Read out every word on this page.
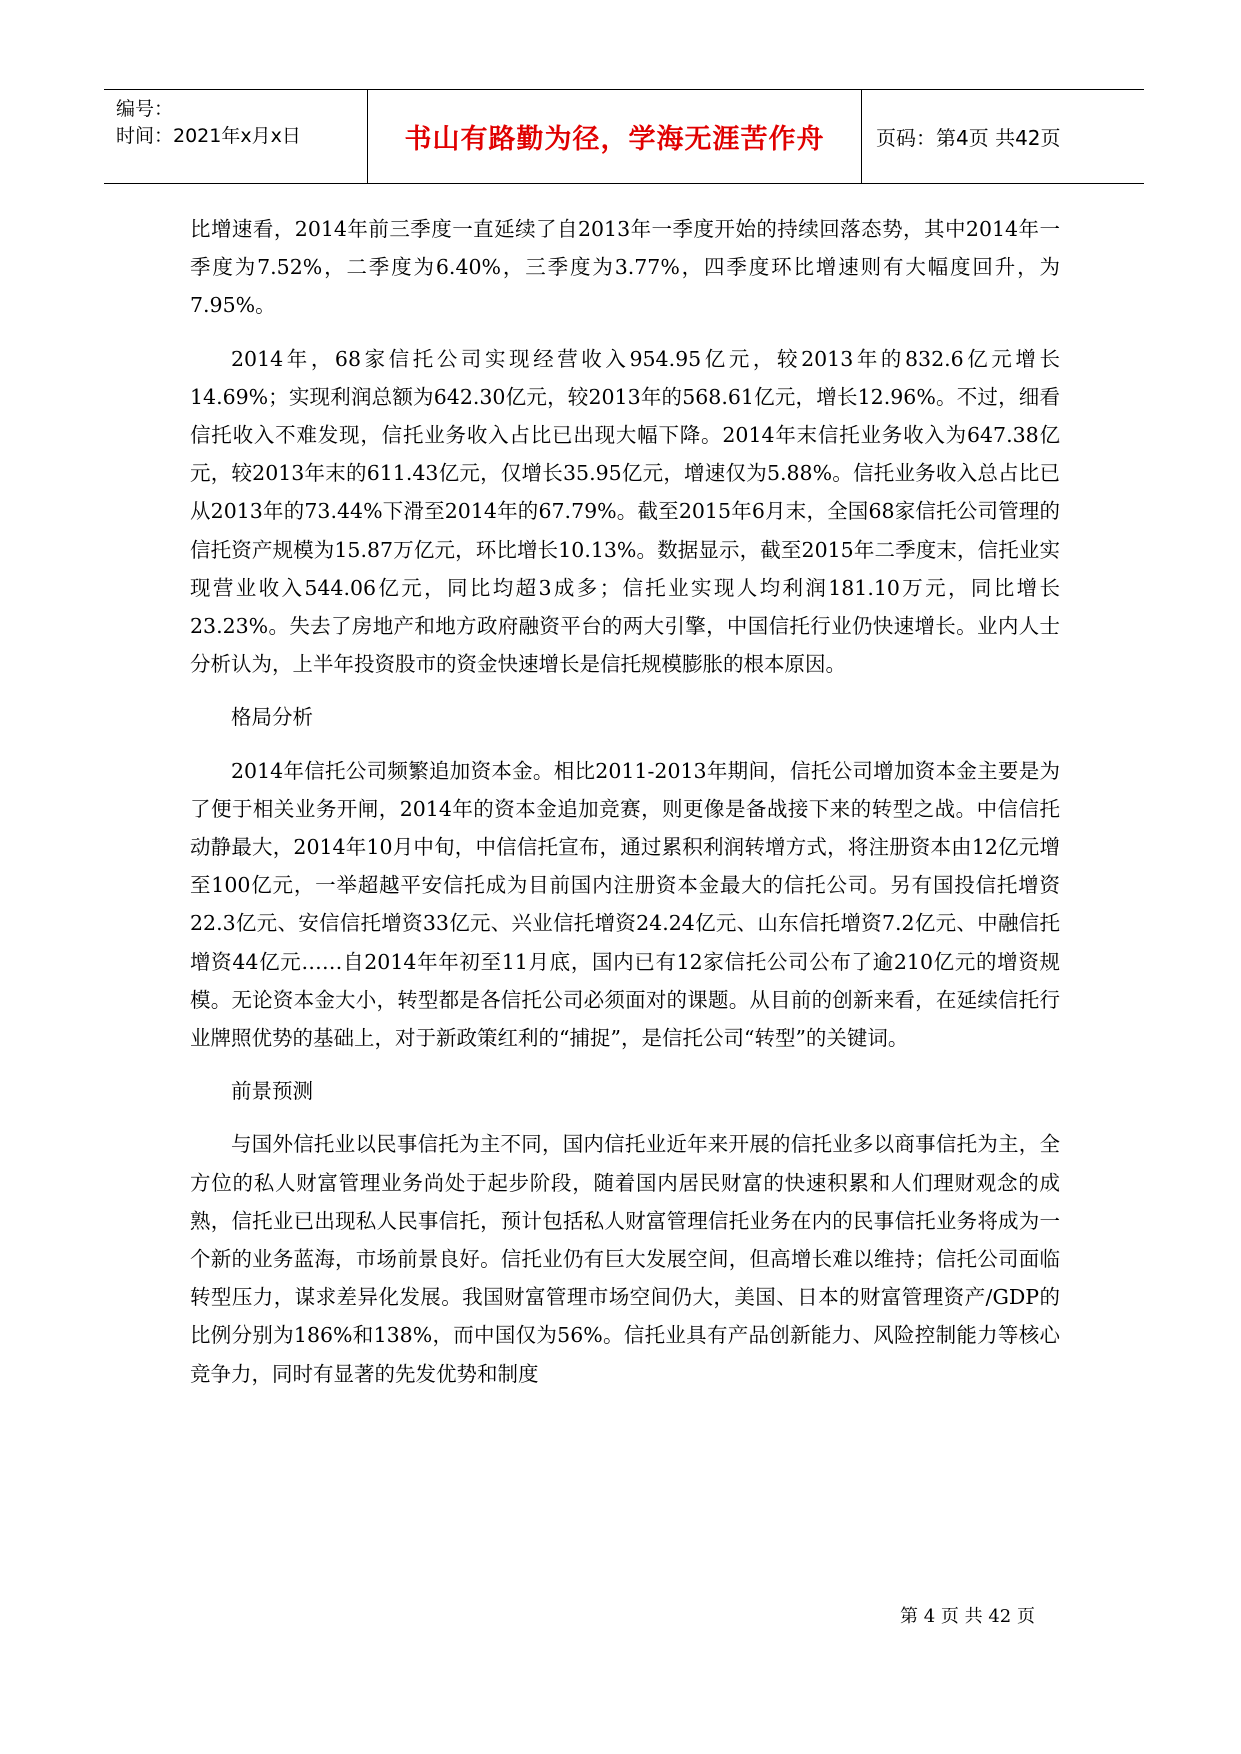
编号：
时间：2021年x月x日	书山有路勤为径，学海无涯苦作舟	页码：第4页 共42页

比增速看，2014年前三季度一直延续了自2013年一季度开始的持续回落态势，其中2014年一季度为7.52%，二季度为6.40%，三季度为3.77%，四季度环比增速则有大幅度回升，为7.95%。

2014年，68家信托公司实现经营收入954.95亿元，较2013年的832.6亿元增长14.69%；实现利润总额为642.30亿元，较2013年的568.61亿元，增长12.96%。不过，细看信托收入不难发现，信托业务收入占比已出现大幅下降。2014年末信托业务收入为647.38亿元，较2013年末的611.43亿元，仅增长35.95亿元，增速仅为5.88%。信托业务收入总占比已从2013年的73.44%下滑至2014年的67.79%。截至2015年6月末，全国68家信托公司管理的信托资产规模为15.87万亿元，环比增长10.13%。数据显示，截至2015年二季度末，信托业实现营业收入544.06亿元，同比均超3成多；信托业实现人均利润181.10万元，同比增长23.23%。失去了房地产和地方政府融资平台的两大引擎，中国信托行业仍快速增长。业内人士分析认为，上半年投资股市的资金快速增长是信托规模膨胀的根本原因。

格局分析

2014年信托公司频繁追加资本金。相比2011-2013年期间，信托公司增加资本金主要是为了便于相关业务开闸，2014年的资本金追加竞赛，则更像是备战接下来的转型之战。中信信托动静最大，2014年10月中旬，中信信托宣布，通过累积利润转增方式，将注册资本由12亿元增至100亿元，一举超越平安信托成为目前国内注册资本金最大的信托公司。另有国投信托增资22.3亿元、安信信托增资33亿元、兴业信托增资24.24亿元、山东信托增资7.2亿元、中融信托增资44亿元……自2014年年初至11月底，国内已有12家信托公司公布了逾210亿元的增资规模。无论资本金大小，转型都是各信托公司必须面对的课题。从目前的创新来看，在延续信托行业牌照优势的基础上，对于新政策红利的“捕捉”，是信托公司“转型”的关键词。

前景预测

与国外信托业以民事信托为主不同，国内信托业近年来开展的信托业多以商事信托为主，全方位的私人财富管理业务尚处于起步阶段，随着国内居民财富的快速积累和人们理财观念的成熟，信托业已出现私人民事信托，预计包括私人财富管理信托业务在内的民事信托业务将成为一个新的业务蓝海，市场前景良好。信托业仍有巨大发展空间，但高增长难以维持；信托公司面临转型压力，谋求差异化发展。我国财富管理市场空间仍大，美国、日本的财富管理资产/GDP的比例分别为186%和138%，而中国仅为56%。信托业具有产品创新能力、风险控制能力等核心竞争力，同时有显著的先发优势和制度

第 4 页 共 42 页
